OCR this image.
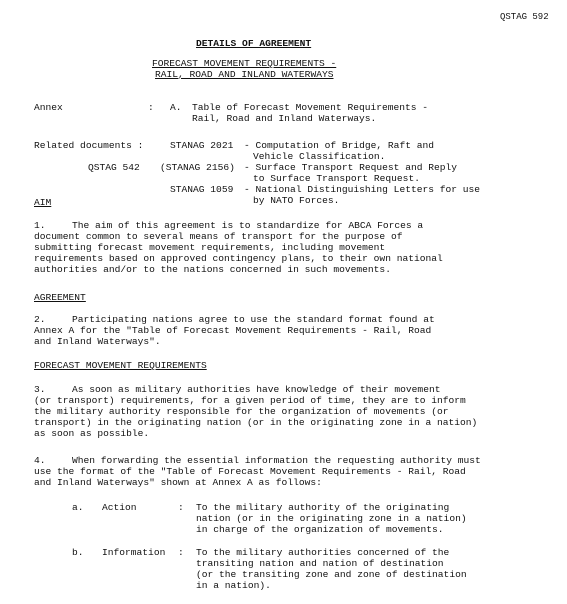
QSTAG 592
DETAILS OF AGREEMENT
FORECAST MOVEMENT REQUIREMENTS -
RAIL, ROAD AND INLAND WATERWAYS
Annex	: A. Table of Forecast Movement Requirements -
Rail, Road and Inland Waterways.
Related documents :	STANAG 2021 - Computation of Bridge, Raft and
Vehicle Classification.
QSTAG 542 (STANAG 2156) - Surface Transport Request and Reply
to Surface Transport Request.
STANAG 1059 - National Distinguishing Letters for use
by NATO Forces.
AIM
1.	The aim of this agreement is to standardize for ABCA Forces a
document common to several means of transport for the purpose of
submitting forecast movement requirements, including movement
requirements based on approved contingency plans, to their own national
authorities and/or to the nations concerned in such movements.
AGREEMENT
2.	Participating nations agree to use the standard format found at
Annex A for the "Table of Forecast Movement Requirements - Rail, Road
and Inland Waterways".
FORECAST MOVEMENT REQUIREMENTS
3.	As soon as military authorities have knowledge of their movement
(or transport) requirements, for a given period of time, they are to inform
the military authority responsible for the organization of movements (or
transport) in the originating nation (or in the originating zone in a nation)
as soon as possible.
4.	When forwarding the essential information the requesting authority must
use the format of the "Table of Forecast Movement Requirements - Rail, Road
and Inland Waterways" shown at Annex A as follows:
a. Action	: To the military authority of the originating
nation (or in the originating zone in a nation)
in charge of the organization of movements.
b. Information : To the military authorities concerned of the
transiting nation and nation of destination
(or the transiting zone and zone of destination
in a nation).
